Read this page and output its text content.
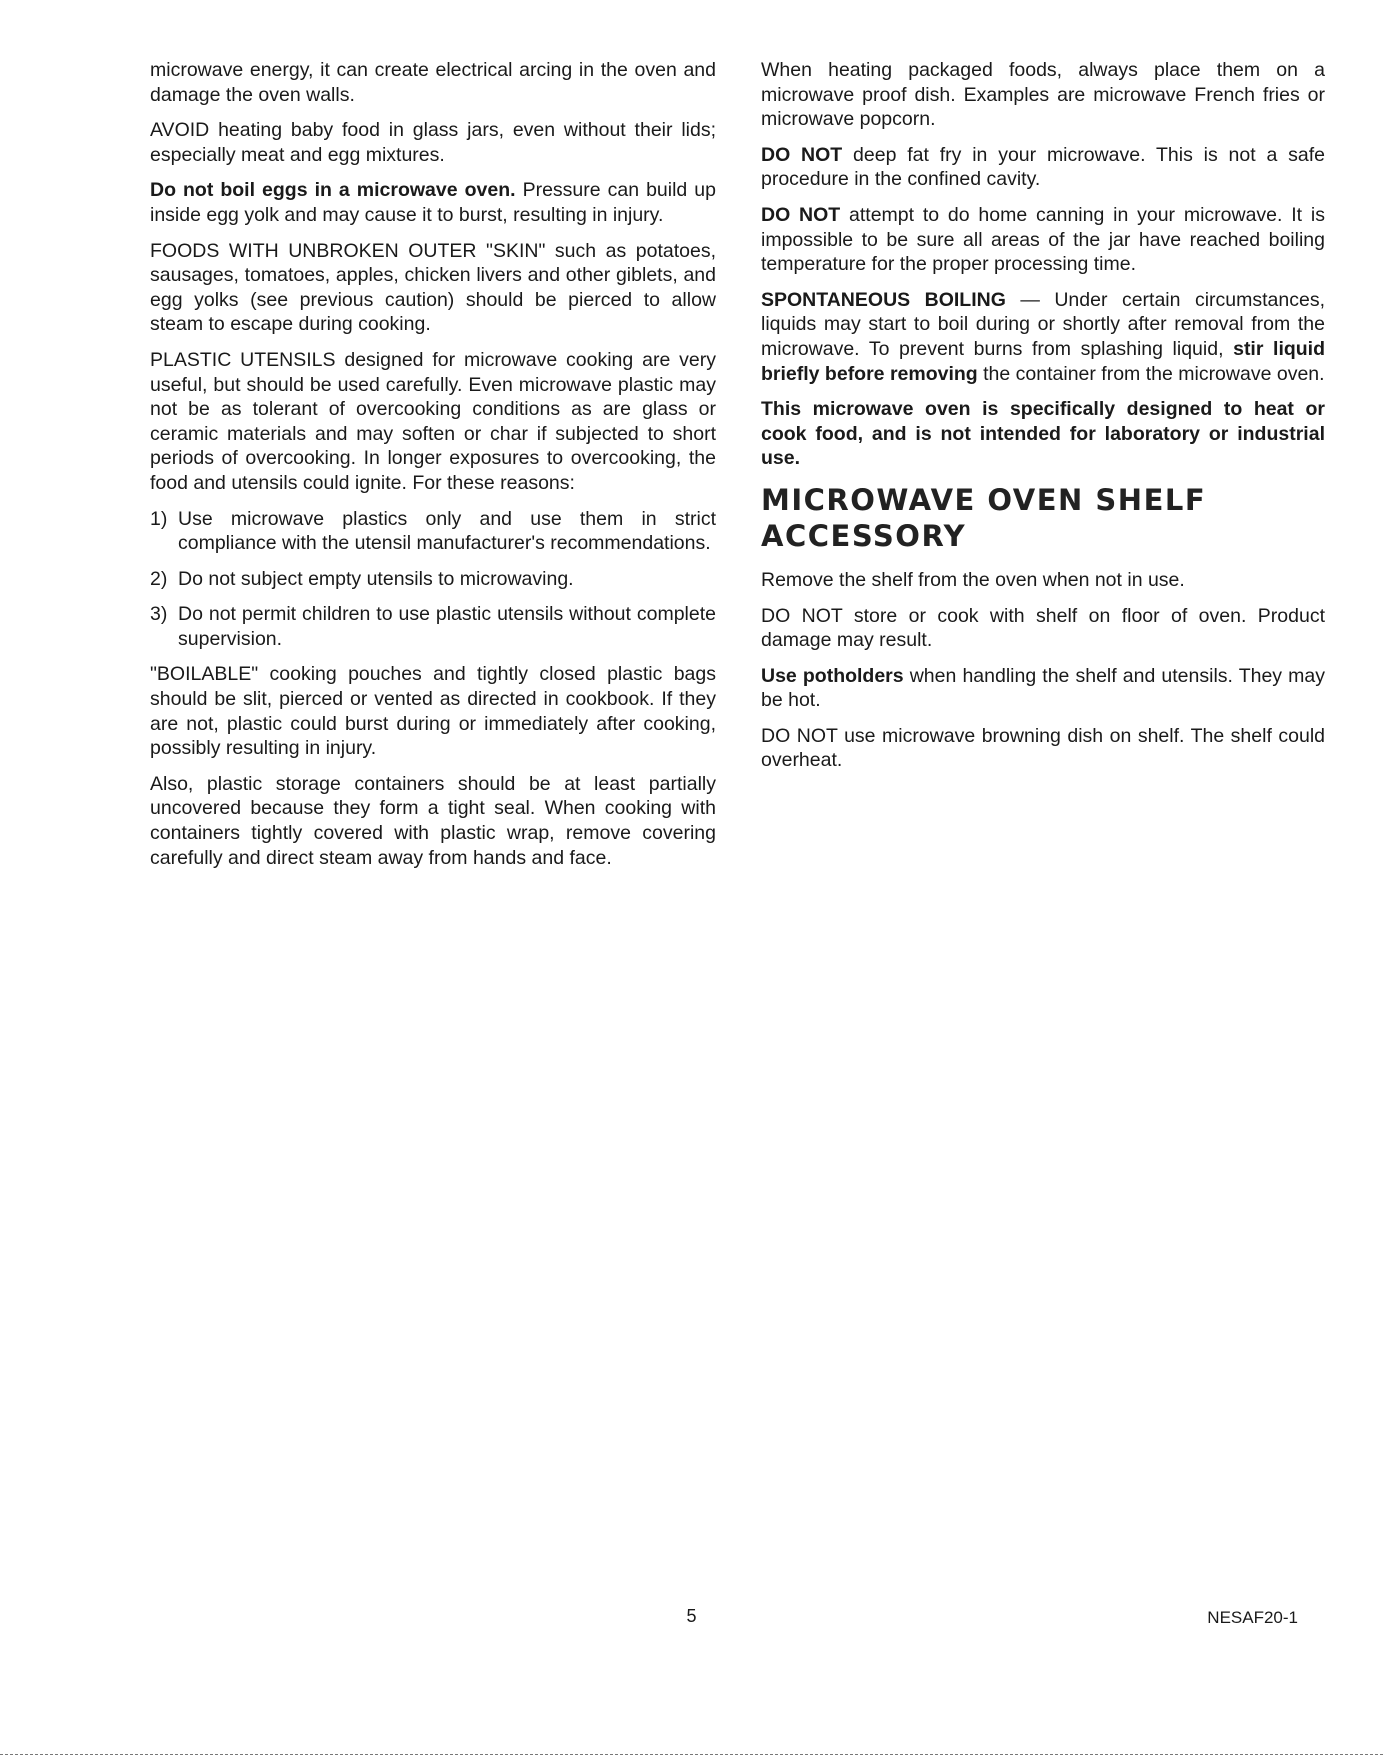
microwave energy, it can create electrical arcing in the oven and damage the oven walls.

AVOID heating baby food in glass jars, even without their lids; especially meat and egg mixtures.

Do not boil eggs in a microwave oven. Pressure can build up inside egg yolk and may cause it to burst, resulting in injury.

FOODS WITH UNBROKEN OUTER "SKIN" such as potatoes, sausages, tomatoes, apples, chicken livers and other giblets, and egg yolks (see previous caution) should be pierced to allow steam to escape during cooking.

PLASTIC UTENSILS designed for microwave cooking are very useful, but should be used carefully. Even microwave plastic may not be as tolerant of overcooking conditions as are glass or ceramic materials and may soften or char if subjected to short periods of overcooking. In longer exposures to overcooking, the food and utensils could ignite. For these reasons:

1) Use microwave plastics only and use them in strict compliance with the utensil manufacturer's recommendations.
2) Do not subject empty utensils to microwaving.
3) Do not permit children to use plastic utensils without complete supervision.

"BOILABLE" cooking pouches and tightly closed plastic bags should be slit, pierced or vented as directed in cookbook. If they are not, plastic could burst during or immediately after cooking, possibly resulting in injury.

Also, plastic storage containers should be at least partially uncovered because they form a tight seal. When cooking with containers tightly covered with plastic wrap, remove covering carefully and direct steam away from hands and face.

When heating packaged foods, always place them on a microwave proof dish. Examples are microwave French fries or microwave popcorn.

DO NOT deep fat fry in your microwave. This is not a safe procedure in the confined cavity.

DO NOT attempt to do home canning in your microwave. It is impossible to be sure all areas of the jar have reached boiling temperature for the proper processing time.

SPONTANEOUS BOILING — Under certain circumstances, liquids may start to boil during or shortly after removal from the microwave. To prevent burns from splashing liquid, stir liquid briefly before removing the container from the microwave oven.

This microwave oven is specifically designed to heat or cook food, and is not intended for laboratory or industrial use.

MICROWAVE OVEN SHELF
ACCESSORY

Remove the shelf from the oven when not in use.

DO NOT store or cook with shelf on floor of oven. Product damage may result.

Use potholders when handling the shelf and utensils. They may be hot.

DO NOT use microwave browning dish on shelf. The shelf could overheat.

5	NESAF20-1
